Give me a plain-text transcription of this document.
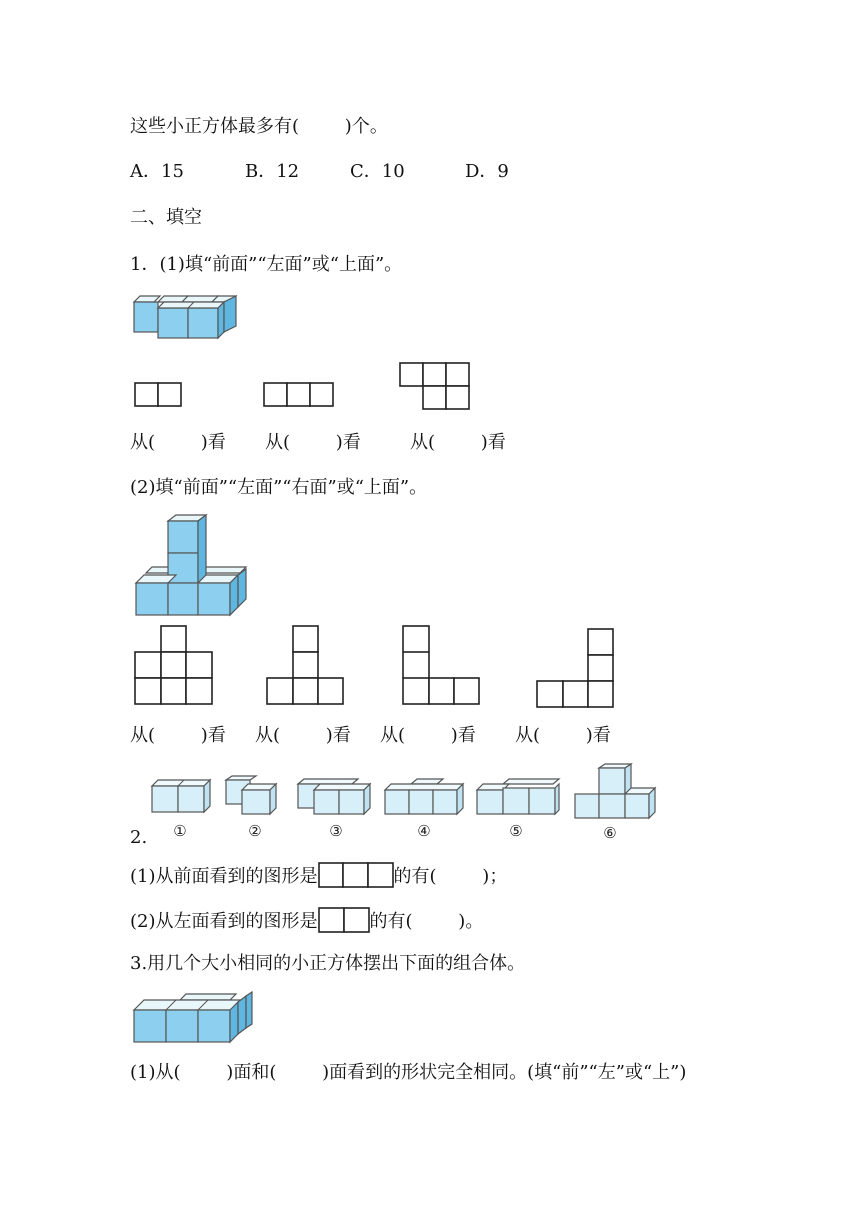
这些小正方体最多有(        )个。
A．15	B．12	C．10	D．9
二、填空
1．(1)填“前面”“左面”或“上面”。
从(        )看 从(        )看	从(        )看
(2)填“前面”“左面”“右面”或“上面”。
从(        )看 从(        )看 从(        )看 从(        )看
①	②	③	④	⑤	⑥
2.
(1)从前面看到的图形是	的有(        )；
(2)从左面看到的图形是	的有(        )。
3.用几个大小相同的小正方体摆出下面的组合体。
(1)从(        )面和(        )面看到的形状完全相同。(填“前”“左”或“上”)
